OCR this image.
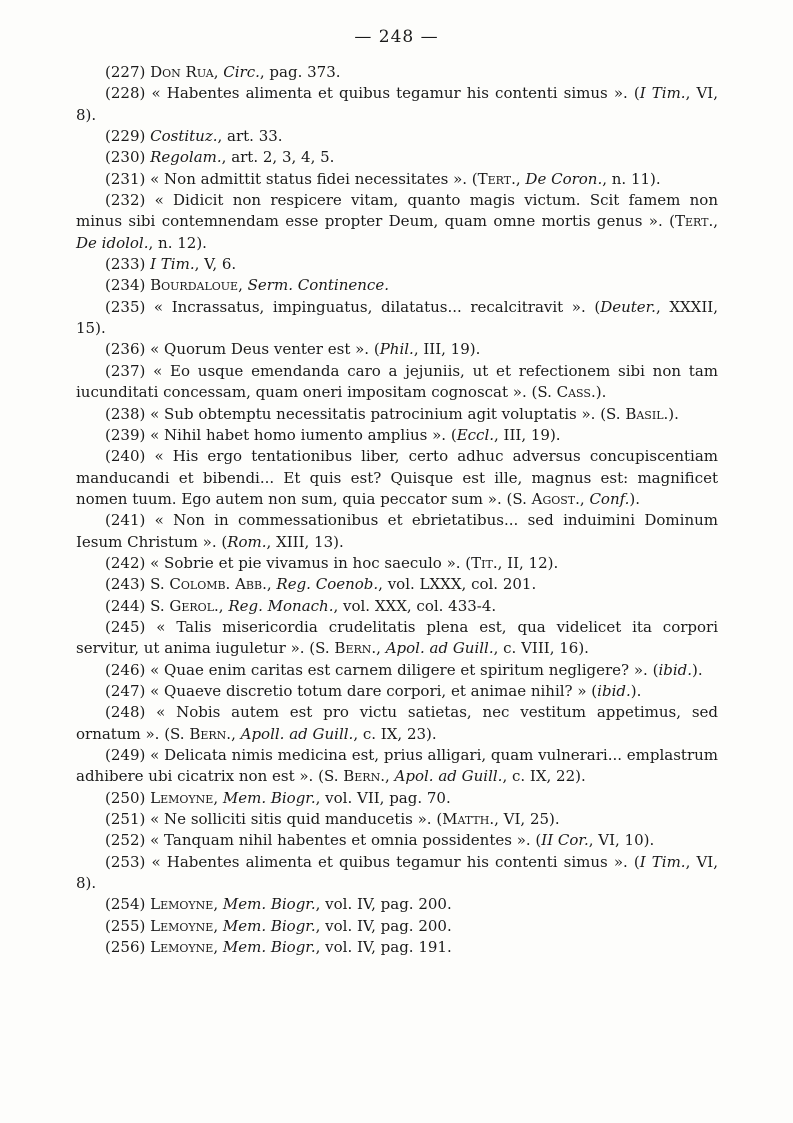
— 248 —

(227) Don Rua, Circ., pag. 373.

(228) « Habentes alimenta et quibus tegamur his contenti simus ». (I Tim., VI, 8).

(229) Costituz., art. 33.

(230) Regolam., art. 2, 3, 4, 5.

(231) « Non admittit status fidei necessitates ». (Tert., De Coron., n. 11).

(232) « Didicit non respicere vitam, quanto magis victum. Scit famem non minus sibi contemnendam esse propter Deum, quam omne mortis genus ». (Tert., De idolol., n. 12).

(233) I Tim., V, 6.

(234) Bourdaloue, Serm. Continence.

(235) « Incrassatus, impinguatus, dilatatus... recalcitravit ». (Deuter., XXXII, 15).

(236) « Quorum Deus venter est ». (Phil., III, 19).

(237) « Eo usque emendanda caro a jejuniis, ut et refectionem sibi non tam iucunditati concessam, quam oneri impositam cognoscat ». (S. Cass.).

(238) « Sub obtemptu necessitatis patrocinium agit voluptatis ». (S. Basil.).

(239) « Nihil habet homo iumento amplius ». (Eccl., III, 19).

(240) « His ergo tentationibus liber, certo adhuc adversus concupiscentiam manducandi et bibendi... Et quis est? Quisque est ille, magnus est: magnificet nomen tuum. Ego autem non sum, quia peccator sum ». (S. Agost., Conf.).

(241) « Non in commessationibus et ebrietatibus... sed induimini Dominum Iesum Christum ». (Rom., XIII, 13).

(242) « Sobrie et pie vivamus in hoc saeculo ». (Tit., II, 12).

(243) S. Colomb. Abb., Reg. Coenob., vol. LXXX, col. 201.

(244) S. Gerol., Reg. Monach., vol. XXX, col. 433-4.

(245) « Talis misericordia crudelitatis plena est, qua videlicet ita corpori servitur, ut anima iuguletur ». (S. Bern., Apol. ad Guill., c. VIII, 16).

(246) « Quae enim caritas est carnem diligere et spiritum negligere? ». (ibid.).

(247) « Quaeve discretio totum dare corpori, et animae nihil? » (ibid.).

(248) « Nobis autem est pro victu satietas, nec vestitum appetimus, sed ornatum ». (S. Bern., Apoll. ad Guill., c. IX, 23).

(249) « Delicata nimis medicina est, prius alligari, quam vulnerari... emplastrum adhibere ubi cicatrix non est ». (S. Bern., Apol. ad Guill., c. IX, 22).

(250) Lemoyne, Mem. Biogr., vol. VII, pag. 70.

(251) « Ne solliciti sitis quid manducetis ». (Matth., VI, 25).

(252) « Tanquam nihil habentes et omnia possidentes ». (II Cor., VI, 10).

(253) « Habentes alimenta et quibus tegamur his contenti simus ». (I Tim., VI, 8).

(254) Lemoyne, Mem. Biogr., vol. IV, pag. 200.

(255) Lemoyne, Mem. Biogr., vol. IV, pag. 200.

(256) Lemoyne, Mem. Biogr., vol. IV, pag. 191.
